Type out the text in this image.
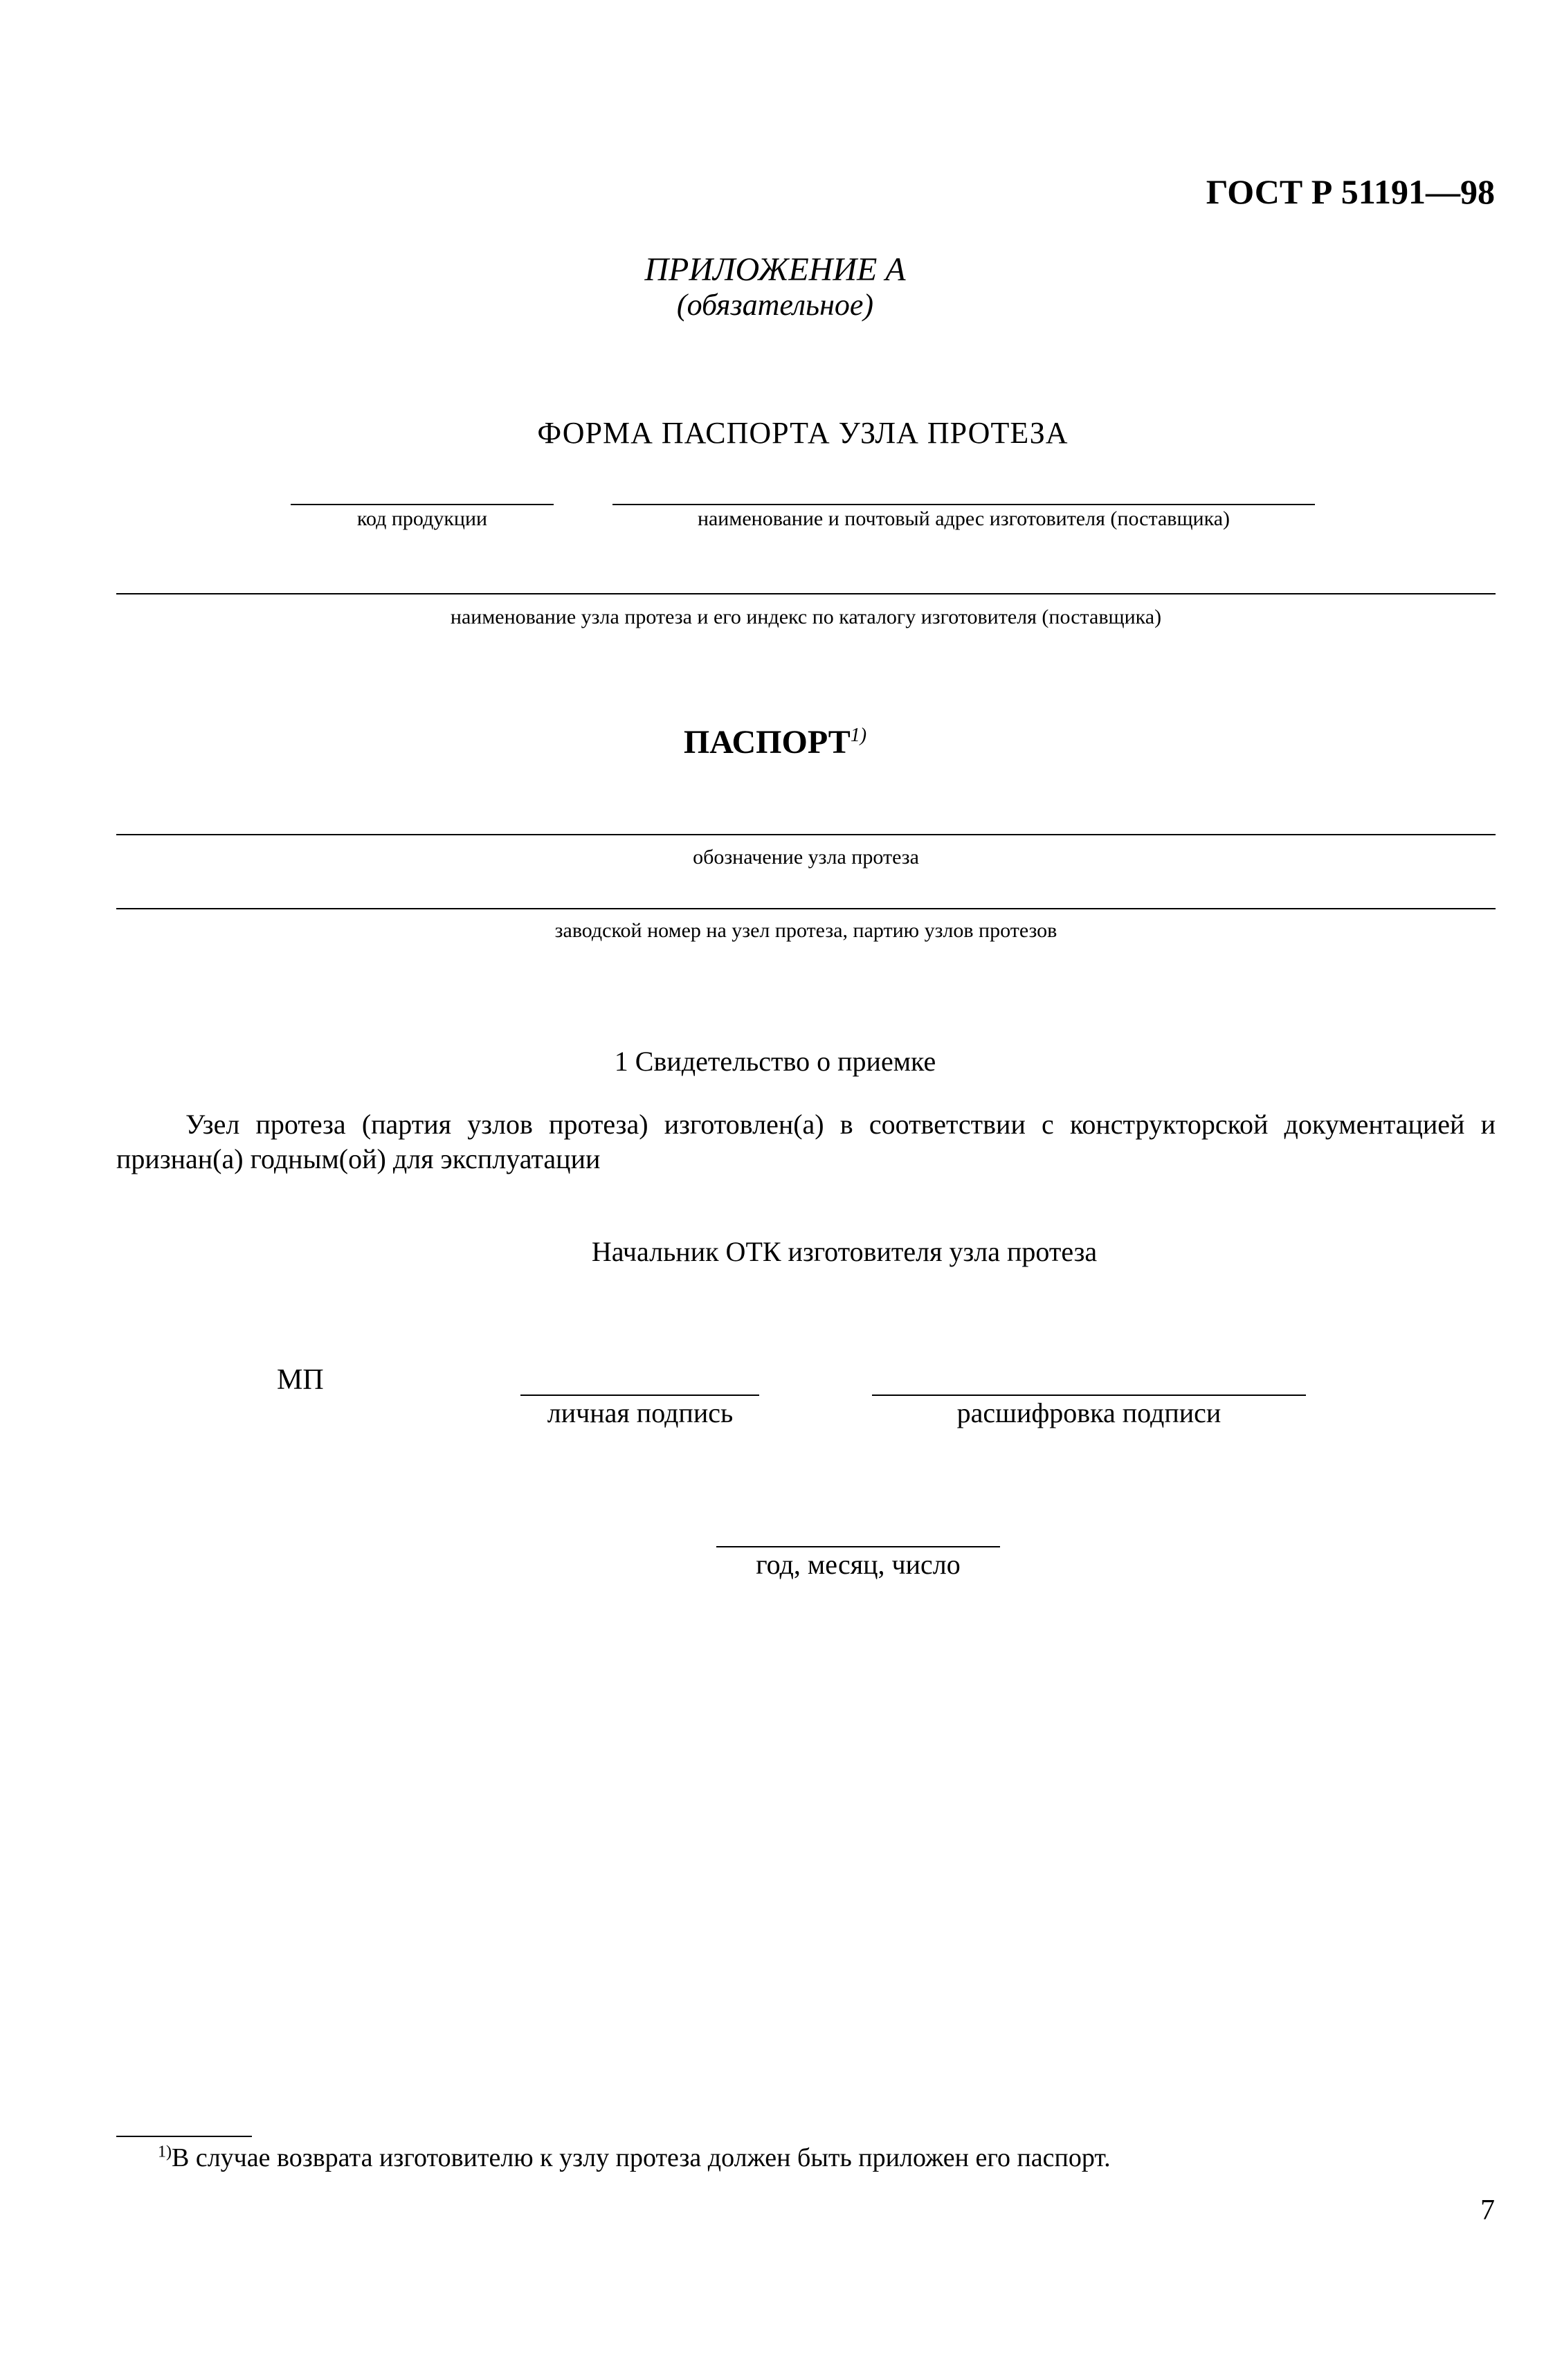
ГОСТ Р 51191—98
ПРИЛОЖЕНИЕ А
(обязательное)
ФОРМА ПАСПОРТА УЗЛА ПРОТЕЗА
код продукции	наименование и почтовый адрес изготовителя (поставщика)
наименование узла протеза и его индекс по каталогу изготовителя (поставщика)
ПАСПОРТ$^{1)}$
обозначение узла протеза
заводской номер на узел протеза, партию узлов протезов
1 Свидетельство о приемке
Узел протеза (партия узлов протеза) изготовлен(а) в соответствии с конструкторской документацией и признан(а) годным(ой) для эксплуатации
Начальник ОТК изготовителя узла протеза
МП
личная подпись	расшифровка подписи
год, месяц, число
$^{1)}$В случае возврата изготовителю к узлу протеза должен быть приложен его паспорт.
7
